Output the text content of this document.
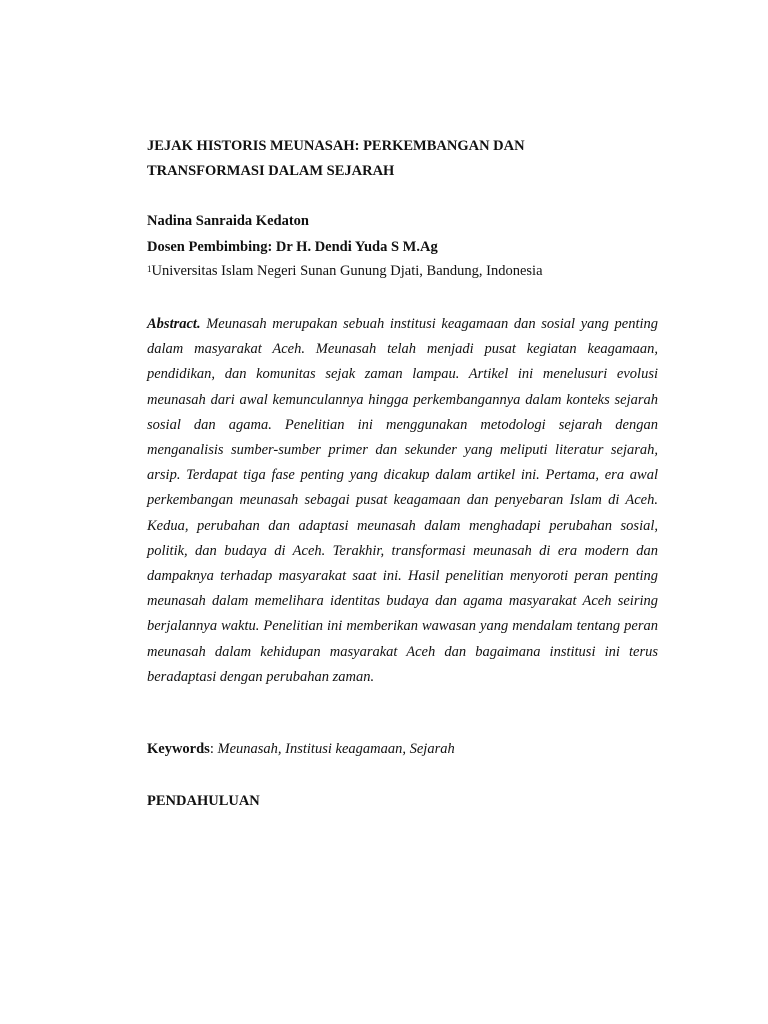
JEJAK HISTORIS MEUNASAH: PERKEMBANGAN DAN
TRANSFORMASI DALAM SEJARAH
Nadina Sanraida Kedaton
Dosen Pembimbing: Dr H. Dendi Yuda S M.Ag
$^1$Universitas Islam Negeri Sunan Gunung Djati, Bandung, Indonesia
Abstract. Meunasah merupakan sebuah institusi keagamaan dan sosial yang penting dalam masyarakat Aceh. Meunasah telah menjadi pusat kegiatan keagamaan, pendidikan, dan komunitas sejak zaman lampau. Artikel ini menelusuri evolusi meunasah dari awal kemunculannya hingga perkembangannya dalam konteks sejarah sosial dan agama. Penelitian ini menggunakan metodologi sejarah dengan menganalisis sumber-sumber primer dan sekunder yang meliputi literatur sejarah, arsip. Terdapat tiga fase penting yang dicakup dalam artikel ini. Pertama, era awal perkembangan meunasah sebagai pusat keagamaan dan penyebaran Islam di Aceh. Kedua, perubahan dan adaptasi meunasah dalam menghadapi perubahan sosial, politik, dan budaya di Aceh. Terakhir, transformasi meunasah di era modern dan dampaknya terhadap masyarakat saat ini. Hasil penelitian menyoroti peran penting meunasah dalam memelihara identitas budaya dan agama masyarakat Aceh seiring berjalannya waktu. Penelitian ini memberikan wawasan yang mendalam tentang peran meunasah dalam kehidupan masyarakat Aceh dan bagaimana institusi ini terus beradaptasi dengan perubahan zaman.
Keywords: Meunasah, Institusi keagamaan, Sejarah
PENDAHULUAN
